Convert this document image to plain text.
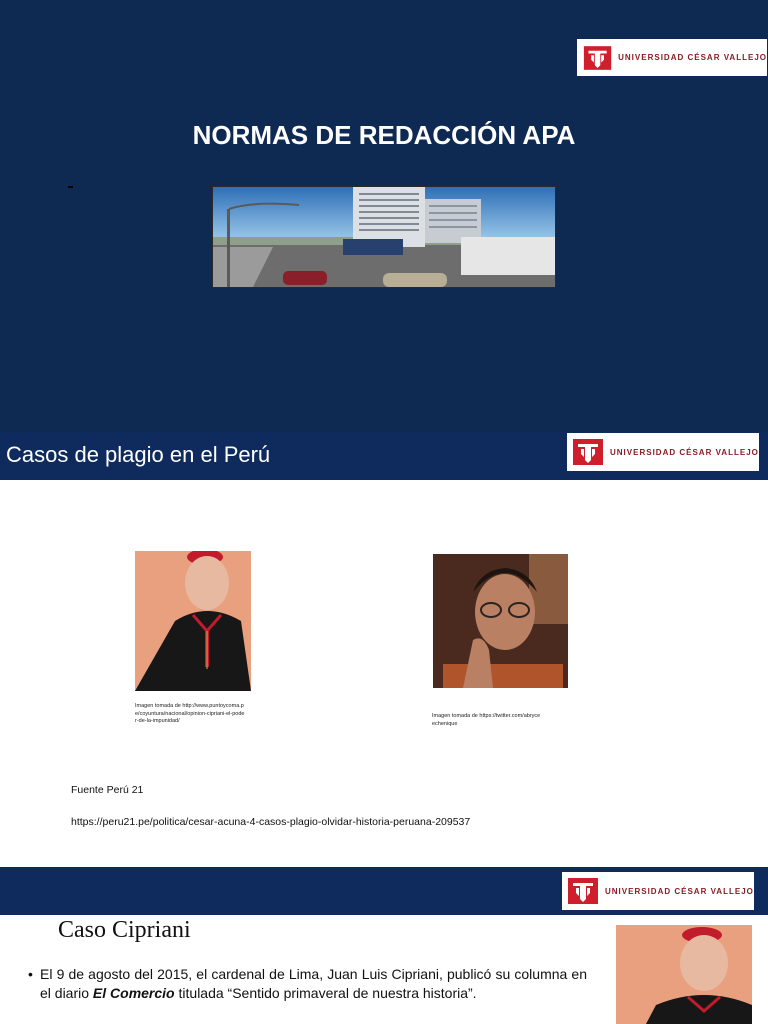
UNIVERSIDAD CÉSAR VALLEJO
NORMAS DE REDACCIÓN APA
Casos de plagio en el Perú	UNIVERSIDAD CÉSAR VALLEJO
Imagen tomada de http://www.puntoycoma.pe/coyuntura/nacional/opinion-cipriani-el-poder-de-la-impunidad/
Imagen tomada de https://twitter.com/abryceechenique
Fuente Perú 21
https://peru21.pe/politica/cesar-acuna-4-casos-plagio-olvidar-historia-peruana-209537
UNIVERSIDAD CÉSAR VALLEJO
Caso Cipriani
• El 9 de agosto del 2015, el cardenal de Lima, Juan Luis Cipriani, publicó su columna en el diario El Comercio titulada “Sentido primaveral de nuestra historia”.
